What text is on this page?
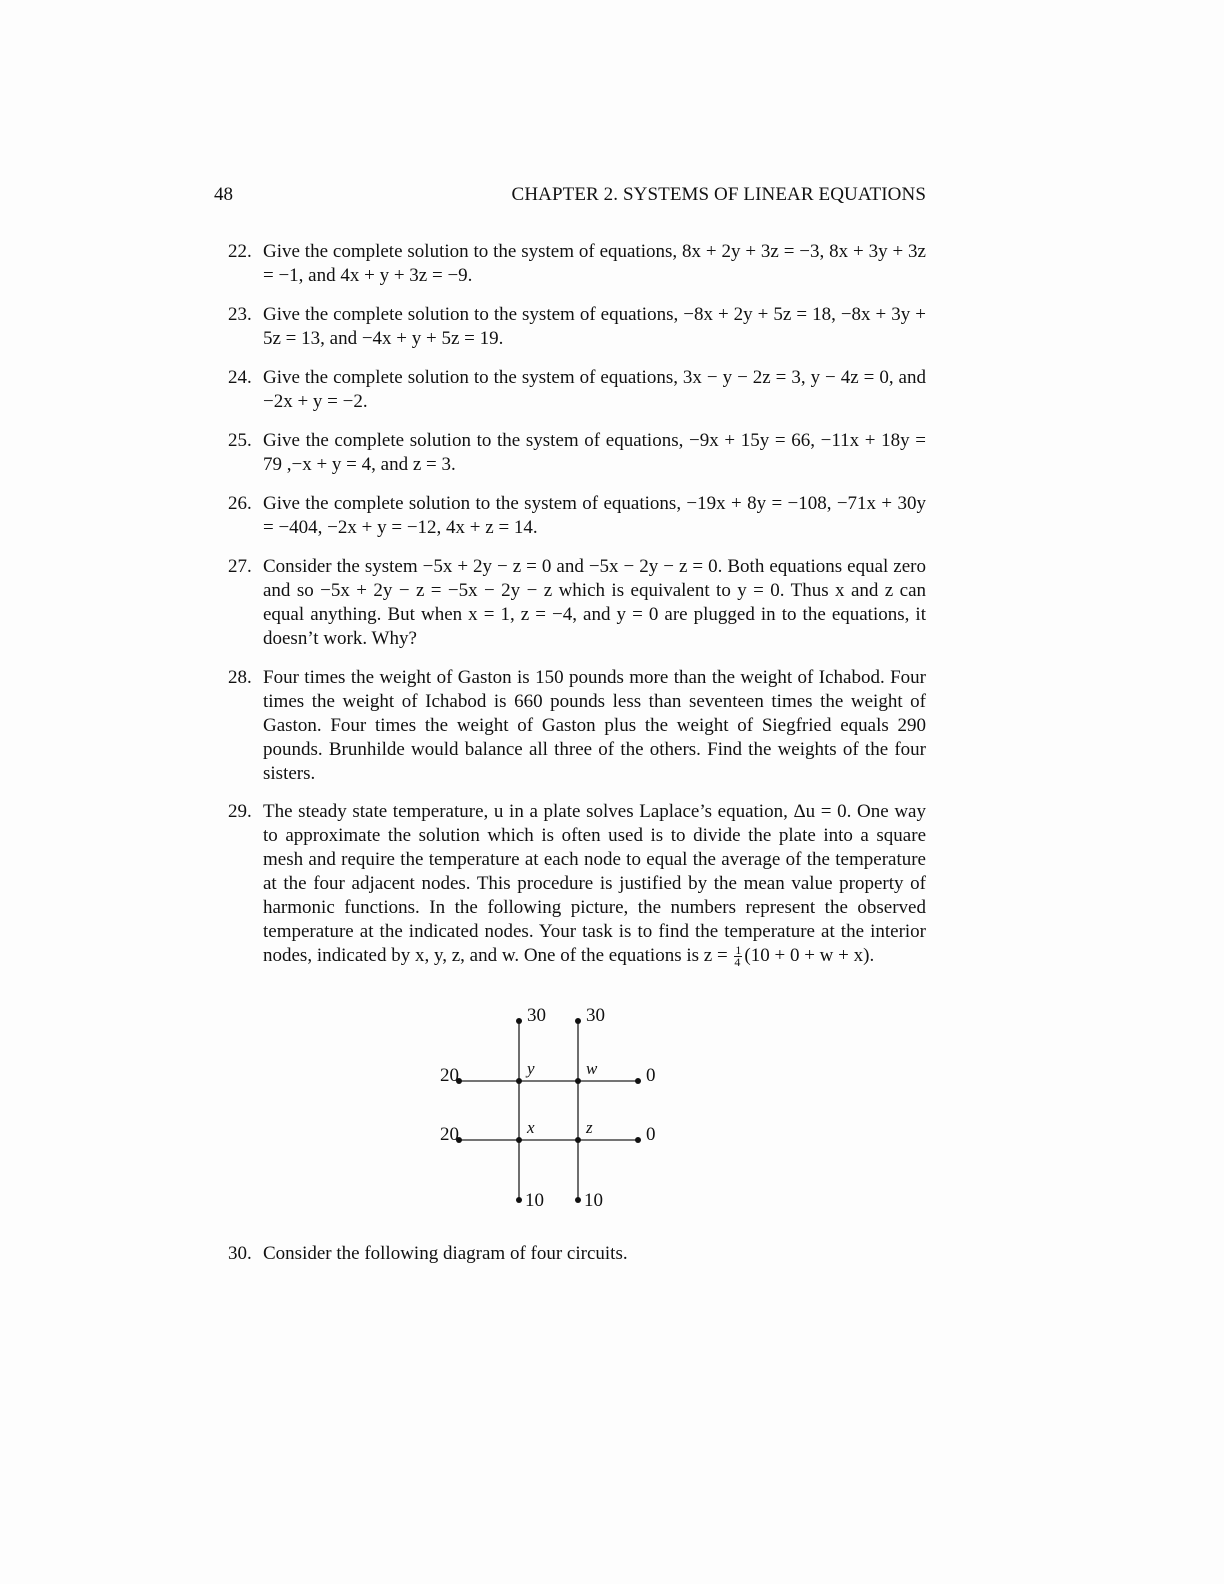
48	CHAPTER 2. SYSTEMS OF LINEAR EQUATIONS
22. Give the complete solution to the system of equations, 8x + 2y + 3z = −3, 8x + 3y + 3z = −1, and 4x + y + 3z = −9.
23. Give the complete solution to the system of equations, −8x + 2y + 5z = 18, −8x + 3y + 5z = 13, and −4x + y + 5z = 19.
24. Give the complete solution to the system of equations, 3x − y − 2z = 3, y − 4z = 0, and −2x + y = −2.
25. Give the complete solution to the system of equations, −9x + 15y = 66, −11x + 18y = 79 ,−x + y = 4, and z = 3.
26. Give the complete solution to the system of equations, −19x + 8y = −108, −71x + 30y = −404, −2x + y = −12, 4x + z = 14.
27. Consider the system −5x + 2y − z = 0 and −5x − 2y − z = 0. Both equations equal zero and so −5x + 2y − z = −5x − 2y − z which is equivalent to y = 0. Thus x and z can equal anything. But when x = 1, z = −4, and y = 0 are plugged in to the equations, it doesn’t work. Why?
28. Four times the weight of Gaston is 150 pounds more than the weight of Ichabod. Four times the weight of Ichabod is 660 pounds less than seventeen times the weight of Gaston. Four times the weight of Gaston plus the weight of Siegfried equals 290 pounds. Brunhilde would balance all three of the others. Find the weights of the four sisters.
29. The steady state temperature, u in a plate solves Laplace’s equation, Δu = 0. One way to approximate the solution which is often used is to divide the plate into a square mesh and require the temperature at each node to equal the average of the temperature at the four adjacent nodes. This procedure is justified by the mean value property of harmonic functions. In the following picture, the numbers represent the observed temperature at the indicated nodes. Your task is to find the temperature at the interior nodes, indicated by x, y, z, and w. One of the equations is $z = \frac{1}{4} (10 + 0 + w + x)$.
30 30
20
20
0
0
10 10
y	w
x	z
30. Consider the following diagram of four circuits.
